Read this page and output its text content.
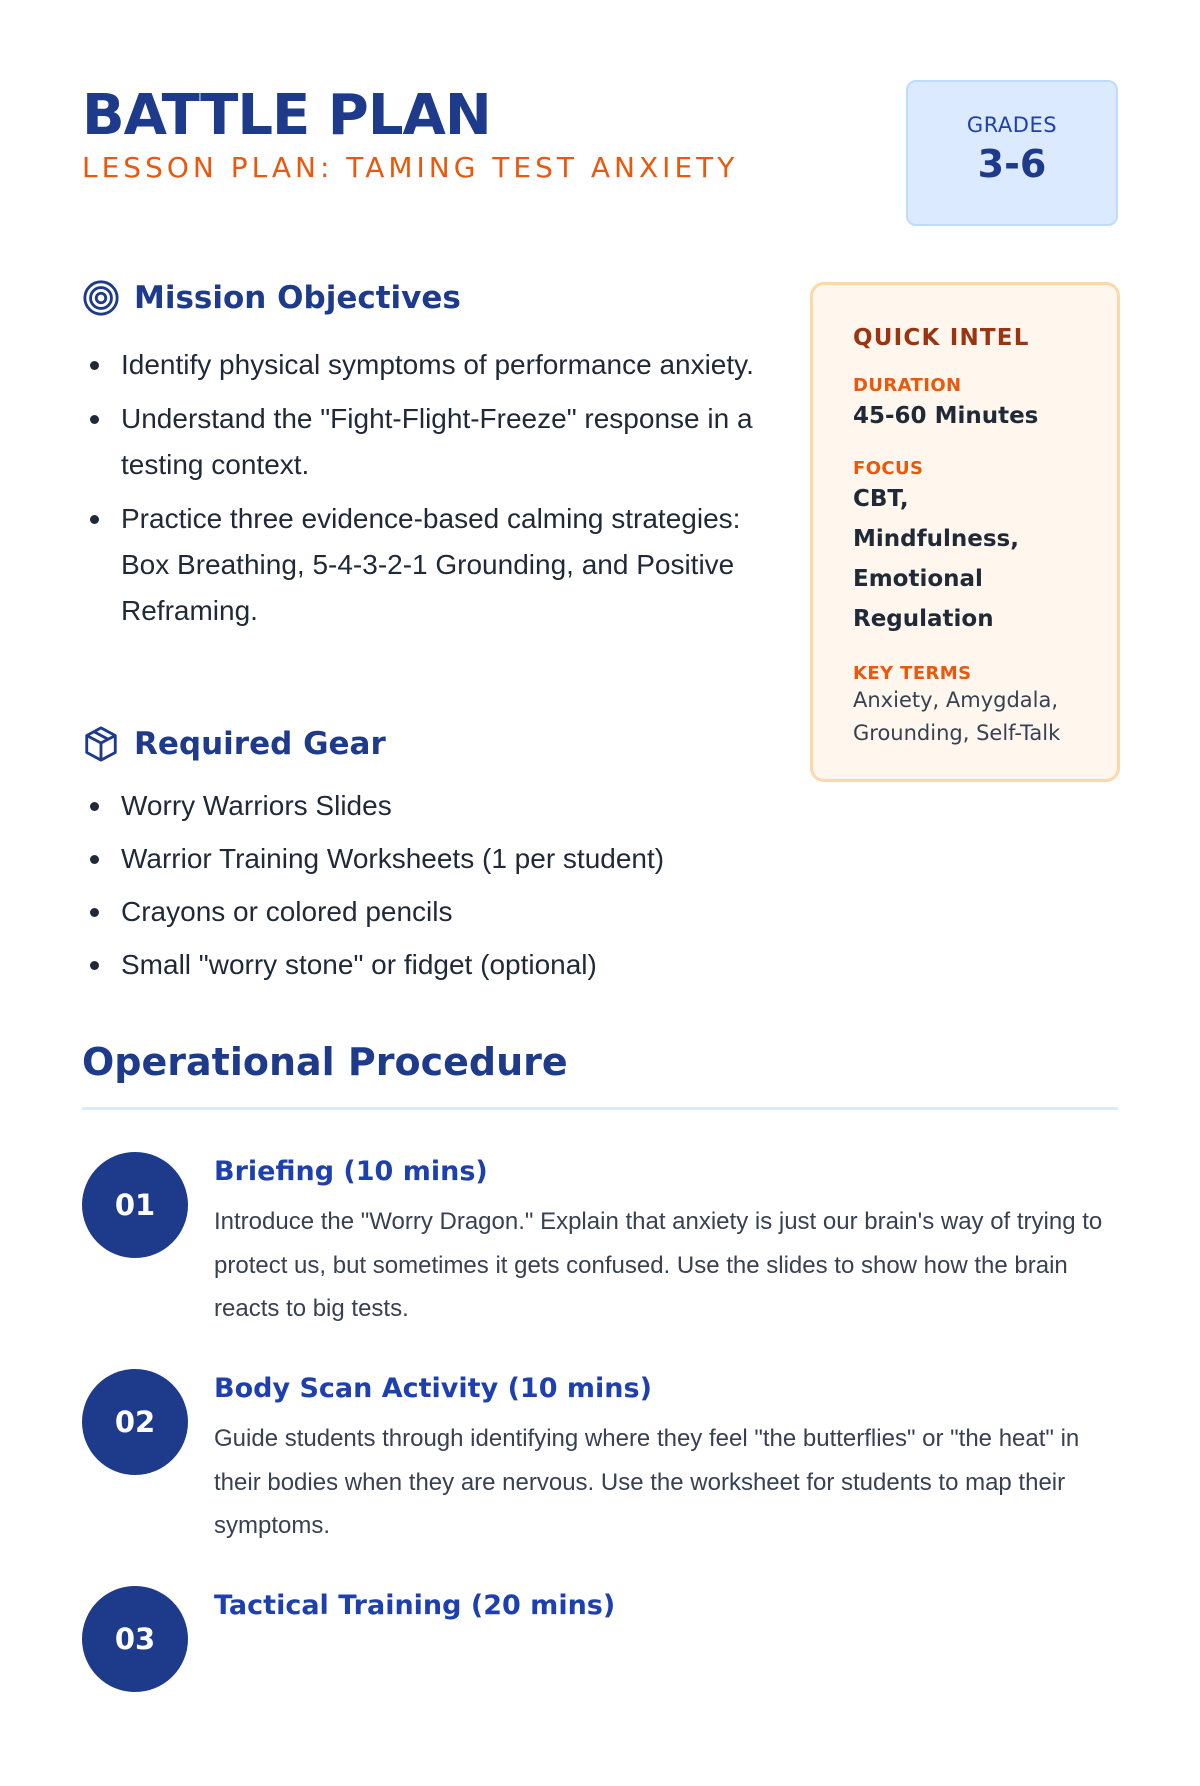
BATTLE PLAN
LESSON PLAN: TAMING TEST ANXIETY
GRADES
3-6
Mission Objectives
Identify physical symptoms of performance anxiety.
Understand the "Fight-Flight-Freeze" response in a testing context.
Practice three evidence-based calming strategies: Box Breathing, 5-4-3-2-1 Grounding, and Positive Reframing.
Required Gear
Worry Warriors Slides
Warrior Training Worksheets (1 per student)
Crayons or colored pencils
Small "worry stone" or fidget (optional)
QUICK INTEL
DURATION
45-60 Minutes
FOCUS
CBT, Mindfulness, Emotional Regulation
KEY TERMS
Anxiety, Amygdala, Grounding, Self-Talk
Operational Procedure
01
Briefing (10 mins)

Introduce the "Worry Dragon." Explain that anxiety is just our brain's way of trying to protect us, but sometimes it gets confused. Use the slides to show how the brain reacts to big tests.

02
Body Scan Activity (10 mins)

Guide students through identifying where they feel "the butterflies" or "the heat" in their bodies when they are nervous. Use the worksheet for students to map their symptoms.

03
Tactical Training (20 mins)
